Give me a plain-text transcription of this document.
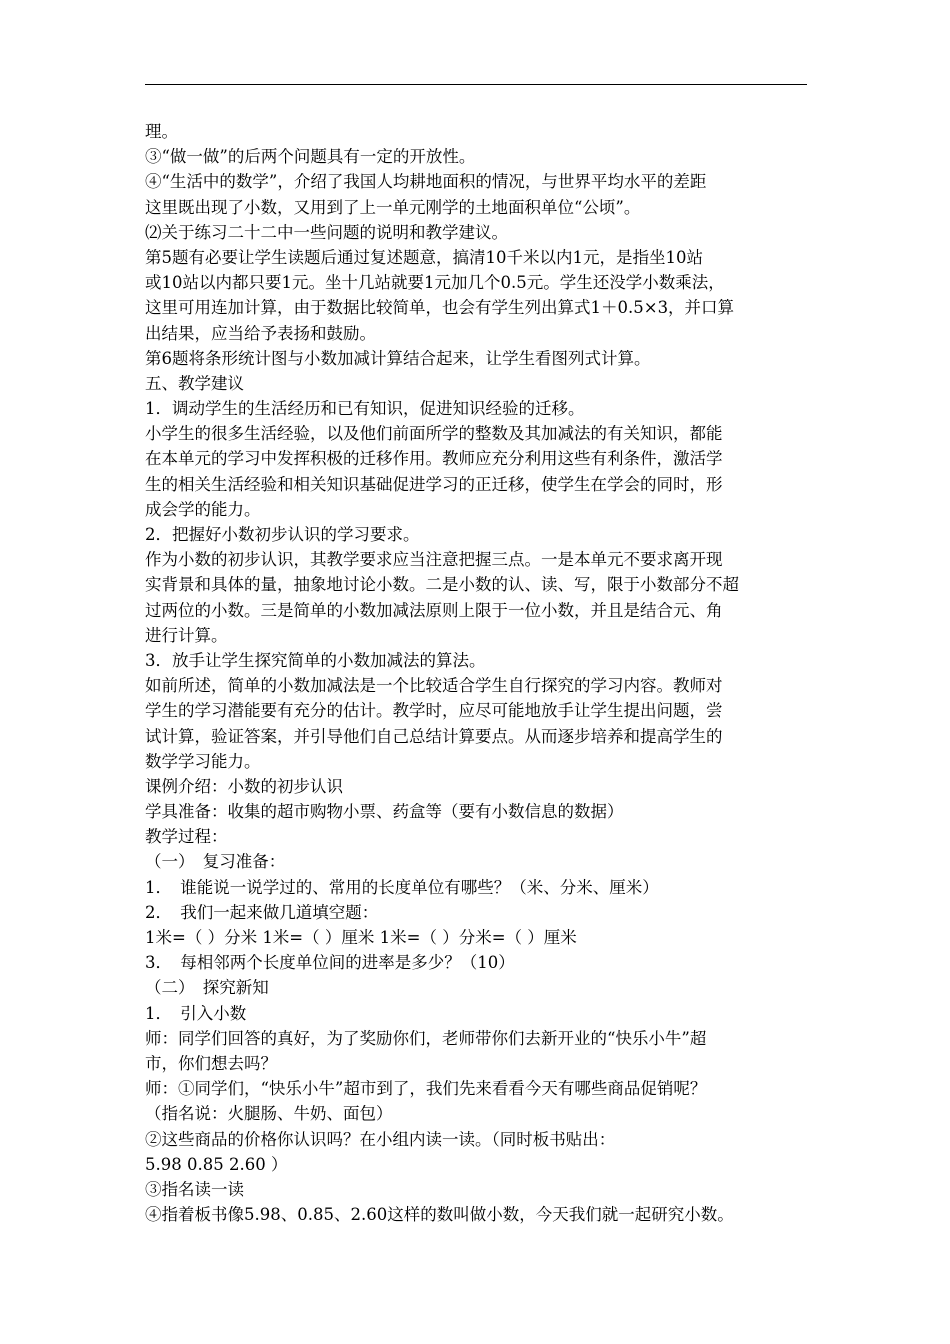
理。
③“做一做”的后两个问题具有一定的开放性。
④“生活中的数学”，介绍了我国人均耕地面积的情况，与世界平均水平的差距
这里既出现了小数，又用到了上一单元刚学的土地面积单位“公顷”。
⑵关于练习二十二中一些问题的说明和教学建议。
第5题有必要让学生读题后通过复述题意，搞清10千米以内1元，是指坐10站
或10站以内都只要1元。坐十几站就要1元加几个0.5元。学生还没学小数乘法，
这里可用连加计算，由于数据比较简单，也会有学生列出算式1＋0.5×3，并口算
出结果，应当给予表扬和鼓励。
第6题将条形统计图与小数加减计算结合起来，让学生看图列式计算。
五、教学建议
1．调动学生的生活经历和已有知识，促进知识经验的迁移。
小学生的很多生活经验，以及他们前面所学的整数及其加减法的有关知识，都能
在本单元的学习中发挥积极的迁移作用。教师应充分利用这些有利条件，激活学
生的相关生活经验和相关知识基础促进学习的正迁移，使学生在学会的同时，形
成会学的能力。
2．把握好小数初步认识的学习要求。
作为小数的初步认识，其教学要求应当注意把握三点。一是本单元不要求离开现
实背景和具体的量，抽象地讨论小数。二是小数的认、读、写，限于小数部分不超
过两位的小数。三是简单的小数加减法原则上限于一位小数，并且是结合元、角
进行计算。
3．放手让学生探究简单的小数加减法的算法。
如前所述，简单的小数加减法是一个比较适合学生自行探究的学习内容。教师对
学生的学习潜能要有充分的估计。教学时，应尽可能地放手让学生提出问题，尝
试计算，验证答案，并引导他们自己总结计算要点。从而逐步培养和提高学生的
数学学习能力。
课例介绍：小数的初步认识
学具准备：收集的超市购物小票、药盒等（要有小数信息的数据）
教学过程：
（一）　复习准备：
1．　谁能说一说学过的、常用的长度单位有哪些？（米、分米、厘米）
2．　我们一起来做几道填空题：
1米=（ ）分米 1米=（ ）厘米 1米=（ ）分米=（ ）厘米
3．　每相邻两个长度单位间的进率是多少？（10）
（二）　探究新知
1．　引入小数
师：同学们回答的真好，为了奖励你们，老师带你们去新开业的“快乐小牛”超
市，你们想去吗？
师：①同学们，“快乐小牛”超市到了，我们先来看看今天有哪些商品促销呢？
（指名说：火腿肠、牛奶、面包）
②这些商品的价格你认识吗？在小组内读一读。（同时板书贴出：
5.98 0.85 2.60 ）
③指名读一读
④指着板书像5.98、0.85、2.60这样的数叫做小数，今天我们就一起研究小数。
